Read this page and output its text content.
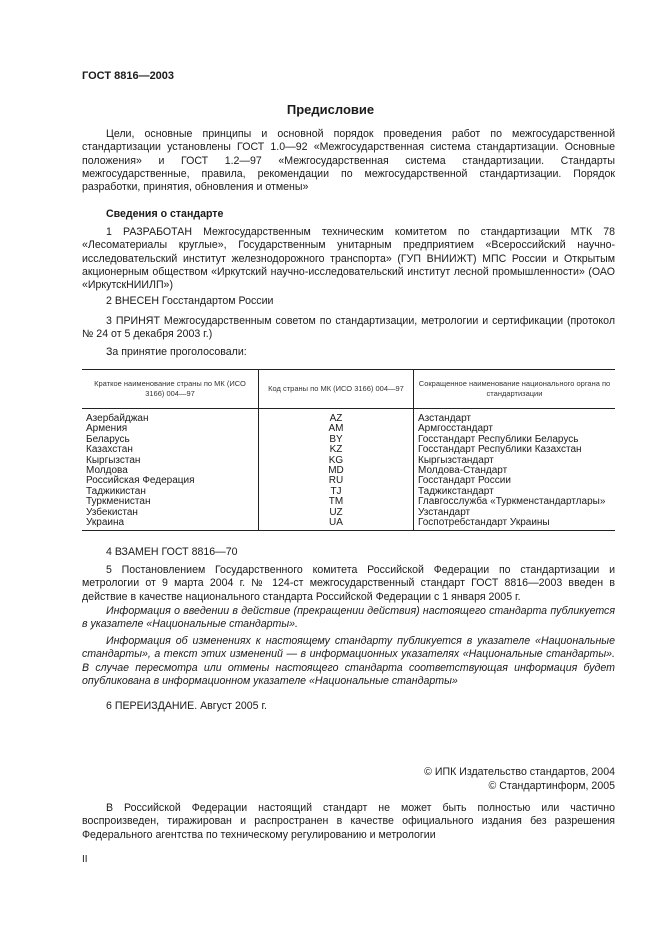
ГОСТ 8816—2003
Предисловие
Цели, основные принципы и основной порядок проведения работ по межгосударственной стандартизации установлены ГОСТ 1.0—92 «Межгосударственная система стандартизации. Основные положения» и ГОСТ 1.2—97 «Межгосударственная система стандартизации. Стандарты межгосударственные, правила, рекомендации по межгосударственной стандартизации. Порядок разработки, принятия, обновления и отмены»
Сведения о стандарте
1 РАЗРАБОТАН Межгосударственным техническим комитетом по стандартизации МТК 78 «Лесоматериалы круглые», Государственным унитарным предприятием «Всероссийский научно-исследовательский институт железнодорожного транспорта» (ГУП ВНИИЖТ) МПС России и Открытым акционерным обществом «Иркутский научно-исследовательский институт лесной промышленности» (ОАО «ИркутскНИИЛП»)
2 ВНЕСЕН Госстандартом России
3 ПРИНЯТ Межгосударственным советом по стандартизации, метрологии и сертификации (протокол № 24 от 5 декабря 2003 г.)
За принятие проголосовали:
Краткое наименование страны по МК (ИСО 3166) 004—97	Код страны по МК (ИСО 3166) 004—97	Сокращенное наименование национального органа по стандартизации
Азербайджан	AZ	Азстандарт
Армения	AM	Армгосстандарт
Беларусь	BY	Госстандарт Республики Беларусь
Казахстан	KZ	Госстандарт Республики Казахстан
Кыргызстан	KG	Кыргызстандарт
Молдова	MD	Молдова-Стандарт
Российская Федерация	RU	Госстандарт России
Таджикистан	TJ	Таджикстандарт
Туркменистан	TM	Главгосслужба «Туркменстандартлары»
Узбекистан	UZ	Узстандарт
Украина	UA	Госпотребстандарт Украины
4 ВЗАМЕН ГОСТ 8816—70
5 Постановлением Государственного комитета Российской Федерации по стандартизации и метрологии от 9 марта 2004 г. № 124-ст межгосударственный стандарт ГОСТ 8816—2003 введен в действие в качестве национального стандарта Российской Федерации с 1 января 2005 г.
Информация о введении в действие (прекращении действия) настоящего стандарта публикуется в указателе «Национальные стандарты».
Информация об изменениях к настоящему стандарту публикуется в указателе «Национальные стандарты», а текст этих изменений — в информационных указателях «Национальные стандарты». В случае пересмотра или отмены настоящего стандарта соответствующая информация будет опубликована в информационном указателе «Национальные стандарты»
6 ПЕРЕИЗДАНИЕ. Август 2005 г.
© ИПК Издательство стандартов, 2004
© Стандартинформ, 2005
В Российской Федерации настоящий стандарт не может быть полностью или частично воспроизведен, тиражирован и распространен в качестве официального издания без разрешения Федерального агентства по техническому регулированию и метрологии
II
